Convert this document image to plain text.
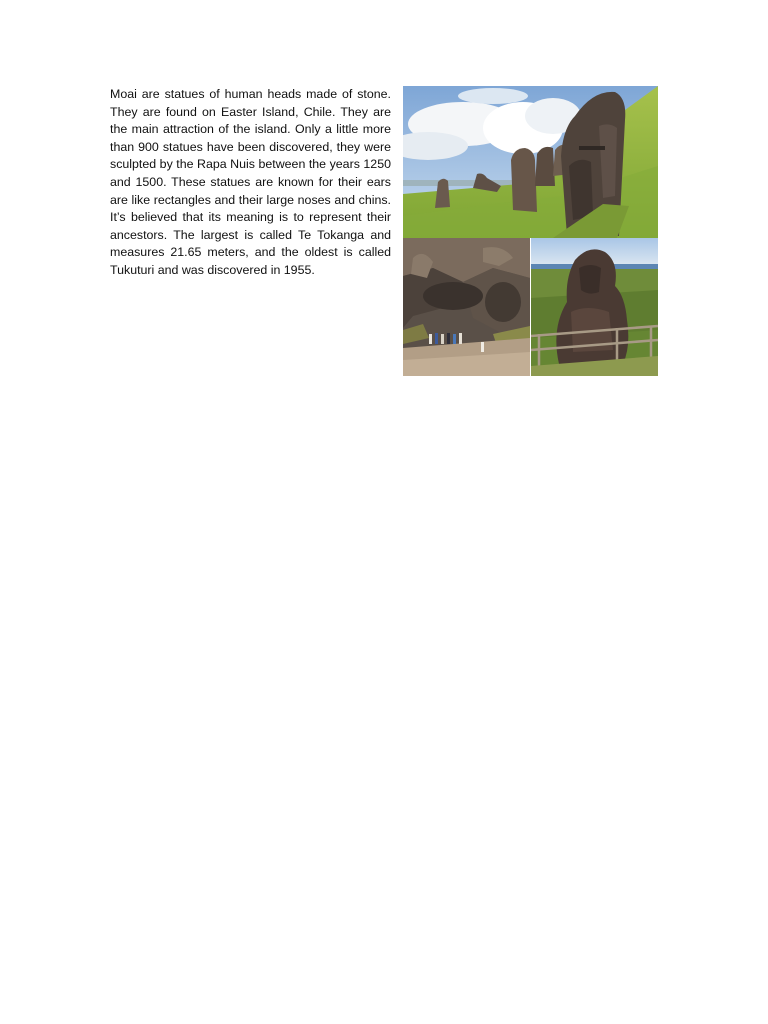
Moai are statues of human heads made of stone. They are found on Easter Island, Chile. They are the main attraction of the island. Only a little more than 900 statues have been discovered, they were sculpted by the Rapa Nuis between the years 1250 and 1500. These statues are known for their ears are like rectangles and their large noses and chins. It’s believed that its meaning is to represent their ancestors. The largest is called Te Tokanga and measures 21.65 meters, and the oldest is called Tukuturi and was discovered in 1955.
